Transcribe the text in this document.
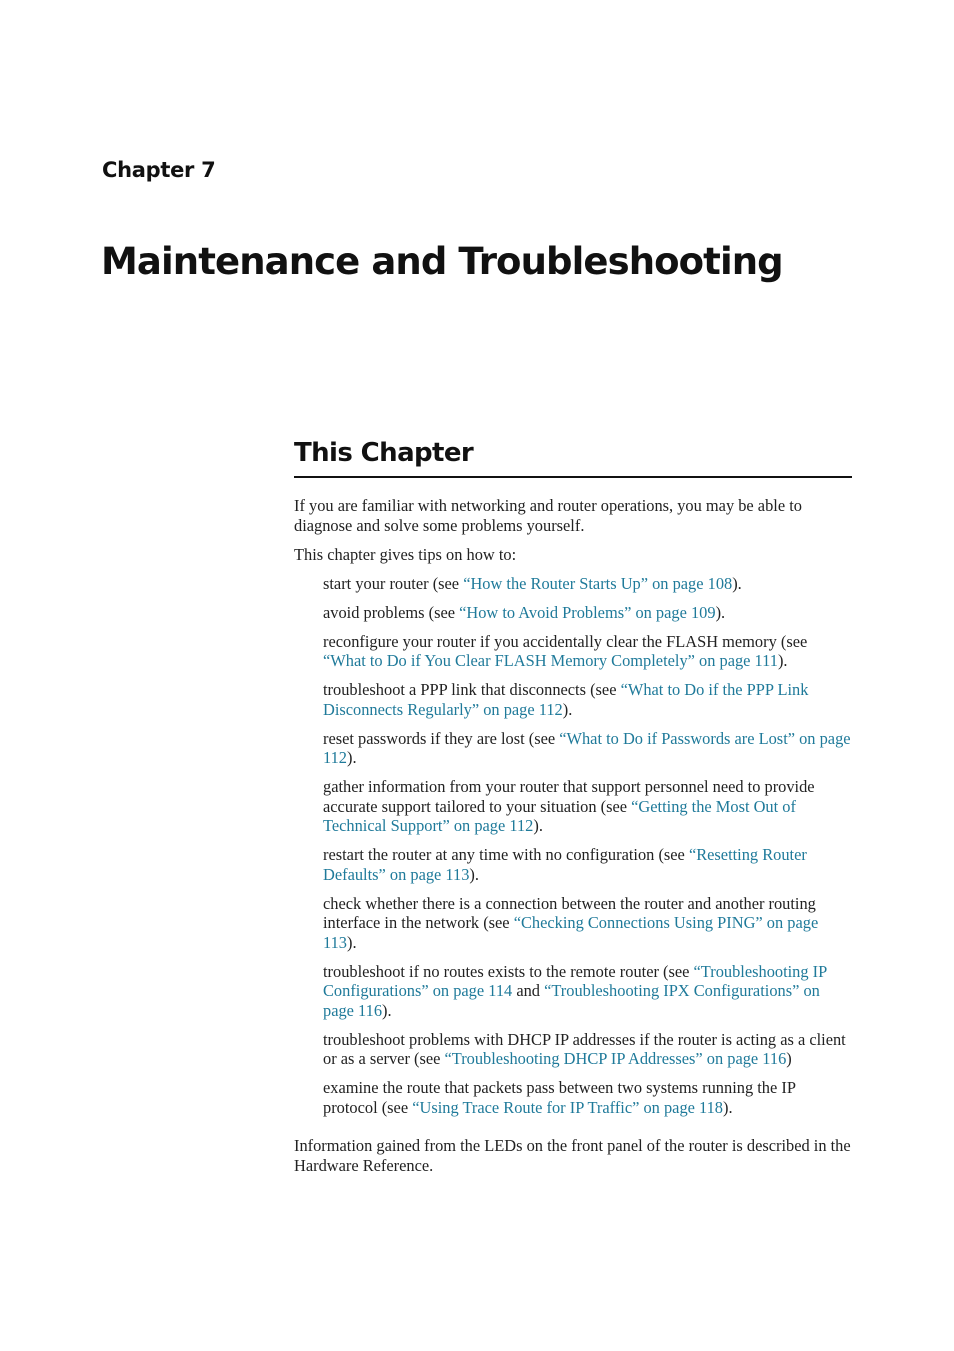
Chapter 7
Maintenance and Troubleshooting
This Chapter

If you are familiar with networking and router operations, you may be able to diagnose and solve some problems yourself.

This chapter gives tips on how to:

start your router (see “How the Router Starts Up” on page 108).
avoid problems (see “How to Avoid Problems” on page 109).
reconfigure your router if you accidentally clear the FLASH memory (see “What to Do if You Clear FLASH Memory Completely” on page 111).
troubleshoot a PPP link that disconnects (see “What to Do if the PPP Link Disconnects Regularly” on page 112).
reset passwords if they are lost (see “What to Do if Passwords are Lost” on page 112).
gather information from your router that support personnel need to provide accurate support tailored to your situation (see “Getting the Most Out of Technical Support” on page 112).
restart the router at any time with no configuration (see “Resetting Router Defaults” on page 113).
check whether there is a connection between the router and another routing interface in the network (see “Checking Connections Using PING” on page 113).
troubleshoot if no routes exists to the remote router (see “Troubleshooting IP Configurations” on page 114 and “Troubleshooting IPX Configurations” on page 116).
troubleshoot problems with DHCP IP addresses if the router is acting as a client or as a server (see “Troubleshooting DHCP IP Addresses” on page 116)
examine the route that packets pass between two systems running the IP protocol (see “Using Trace Route for IP Traffic” on page 118).

Information gained from the LEDs on the front panel of the router is described in the Hardware Reference.
